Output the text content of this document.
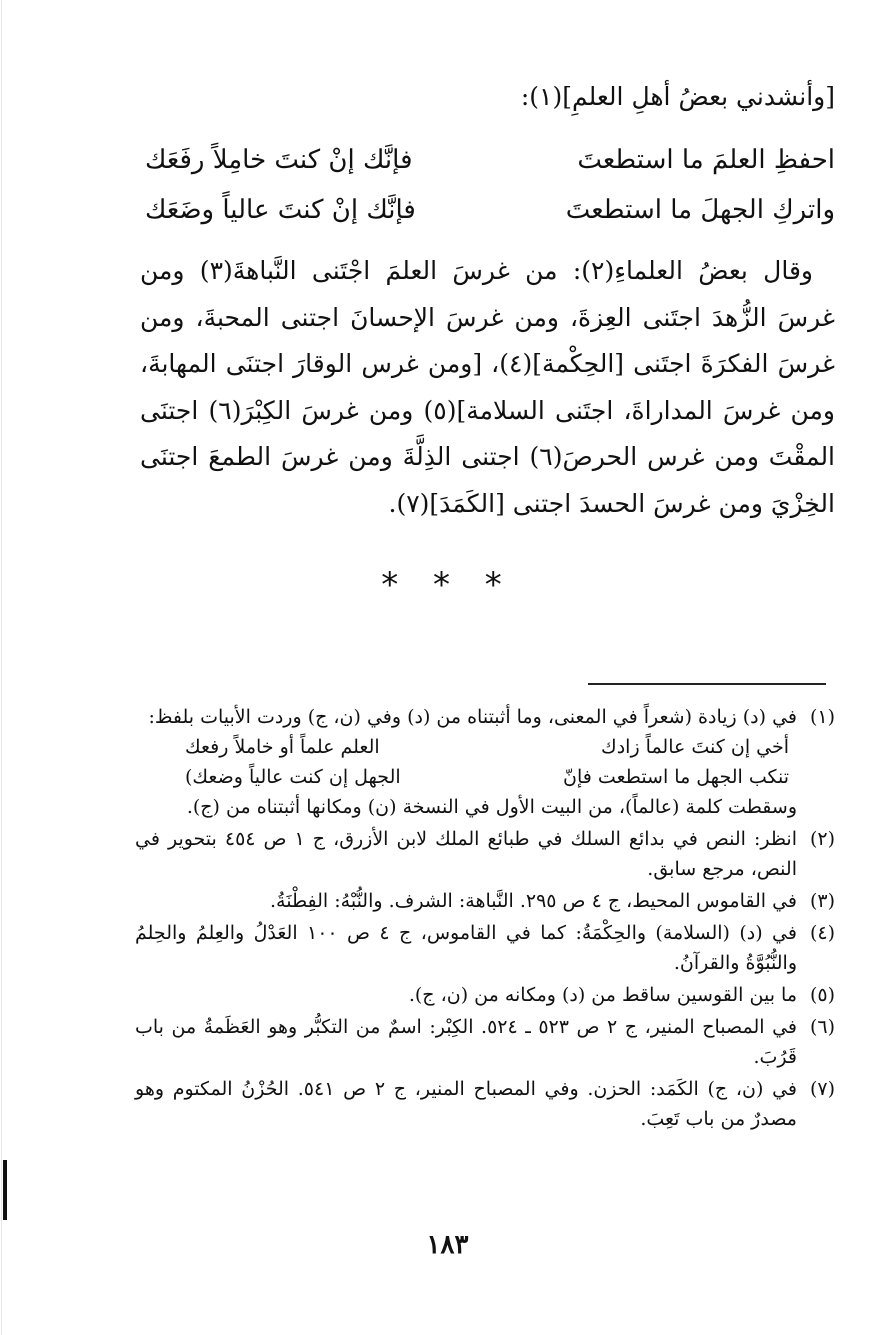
[وأنشدني بعضُ أهلِ العلمِ](١):
احفظِ العلمَ ما استطعتَ
فإنَّك إنْ كنتَ خامِلاً رفَعَك
واتركِ الجهلَ ما استطعتَ
فإنَّك إنْ كنتَ عالياً وضَعَك

وقال بعضُ العلماءِ(٢): من غرسَ العلمَ اجْتَنى النَّباهةَ(٣) ومن غرسَ الزُّهدَ اجتَنى العِزةَ، ومن غرسَ الإحسانَ اجتنى المحبةَ، ومن غرسَ الفكرَةَ اجتَنى [الحِكْمة](٤)، [ومن غرس الوقارَ اجتنَى المهابةَ، ومن غرسَ المداراةَ، اجتَنى السلامة](٥) ومن غرسَ الكِبْرَ(٦) اجتنَى المقْتَ ومن غرس الحرصَ(٦) اجتنى الذِلَّةَ ومن غرسَ الطمعَ اجتنَى الخِزْيَ ومن غرسَ الحسدَ اجتنى [الكَمَدَ](٧).

* * *
(١)
في (د) زيادة (شعراً في المعنى، وما أثبتناه من (د) وفي (ن، ج) وردت الأبيات بلفظ:
أخي إن كنتَ عالماً زادك
العلم علماً أو خاملاً رفعك
تنكب الجهل ما استطعت فإنّ
الجهل إن كنت عالياً وضعك)
وسقطت كلمة (عالماً)، من البيت الأول في النسخة (ن) ومكانها أثبتناه من (ج).
(٢)
انظر: النص في بدائع السلك في طبائع الملك لابن الأزرق، ج ١ ص ٤٥٤ بتحوير في النص، مرجع سابق.
(٣)
في القاموس المحيط، ج ٤ ص ٢٩٥. النَّباهة: الشرف. والنُّبْهُ: الفِطْنَةُ.
(٤)
في (د) (السلامة) والحِكْمَةُ: كما في القاموس، ج ٤ ص ١٠٠ العَدْلُ والعِلمُ والحِلمُ والنُّبُوَّةُ والقرآنُ.
(٥)
ما بين القوسين ساقط من (د) ومكانه من (ن، ج).
(٦)
في المصباح المنير، ج ٢ ص ٥٢٣ ـ ٥٢٤. الكِبْر: اسمٌ من التكبُّر وهو العَظَمةُ من باب قَرُبَ.
(٧)
في (ن، ج) الكَمَد: الحزن. وفي المصباح المنير، ج ٢ ص ٥٤١. الحُزْنُ المكتوم وهو مصدرٌ من باب تَعِبَ.
١٨٣
